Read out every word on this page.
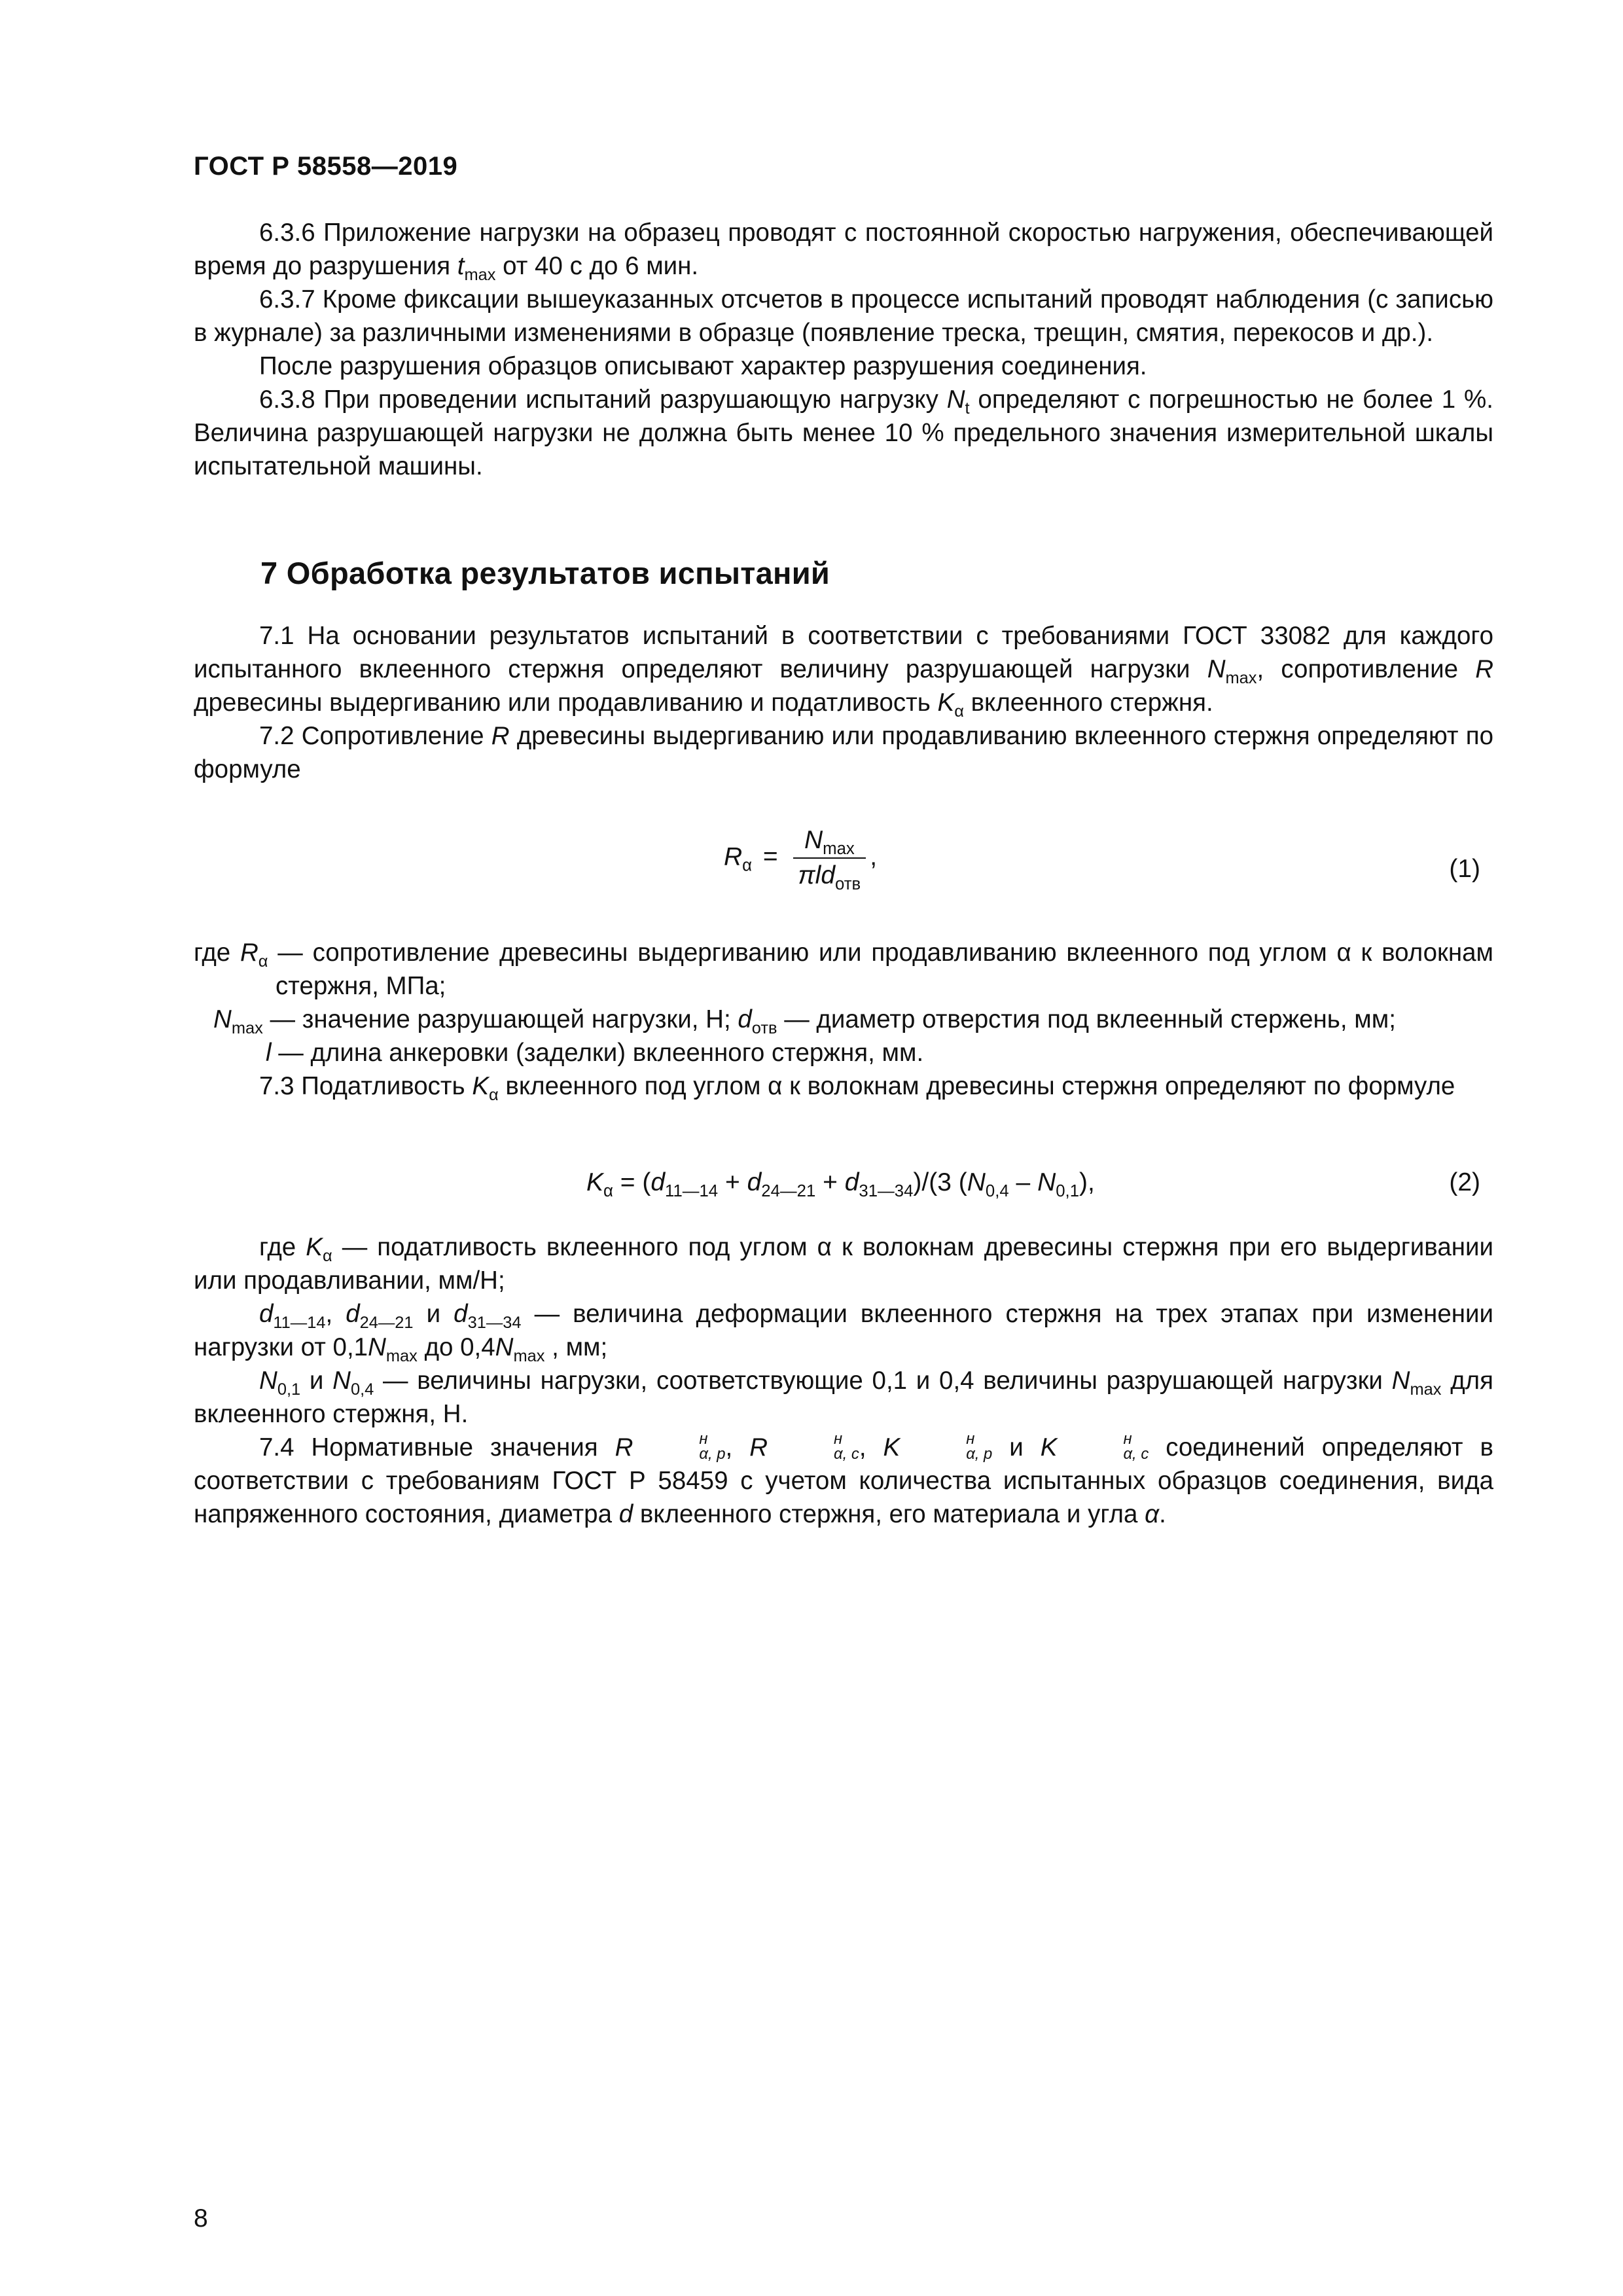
ГОСТ Р 58558—2019

6.3.6 Приложение нагрузки на образец проводят с постоянной скоростью нагружения, обеспечивающей время до разрушения $t_{max}$ от 40 с до 6 мин.

6.3.7 Кроме фиксации вышеуказанных отсчетов в процессе испытаний проводят наблюдения (с записью в журнале) за различными изменениями в образце (появление треска, трещин, смятия, перекосов и др.).

После разрушения образцов описывают характер разрушения соединения.

6.3.8 При проведении испытаний разрушающую нагрузку $N_t$ определяют с погрешностью не более 1 %. Величина разрушающей нагрузки не должна быть менее 10 % предельного значения измерительной шкалы испытательной машины.

7 Обработка результатов испытаний

7.1 На основании результатов испытаний в соответствии с требованиями ГОСТ 33082 для каждого испытанного вклеенного стержня определяют величину разрушающей нагрузки $N_{max}$, сопротивление R древесины выдергиванию или продавливанию и податливость $K_\alpha$ вклеенного стержня.

7.2 Сопротивление R древесины выдергиванию или продавливанию вклеенного стержня определяют по формуле

$R_\alpha = \frac{N_{max}}{\pi ld_{отв}}$ ,	(1)

где $R_\alpha$ — сопротивление древесины выдергиванию или продавливанию вклеенного под углом α к волокнам стержня, МПа;

$N_{max}$ — значение разрушающей нагрузки, Н; $d_{отв}$ — диаметр отверстия под вклеенный стержень, мм;

l — длина анкеровки (заделки) вклеенного стержня, мм.

7.3 Податливость $K_\alpha$ вклеенного под углом α к волокнам древесины стержня определяют по формуле

$K_\alpha = (d_{11—14} + d_{24—21} + d_{31—34})/(3$ $(N_{0,4} - N_{0,1})$,	(2)

где $K_\alpha$ — податливость вклеенного под углом α к волокнам древесины стержня при его выдергивании или продавливании, мм/Н;

$d_{11—14}$, $d_{24—21}$ и $d_{31—34}$ — величина деформации вклеенного стержня на трех этапах при изменении нагрузки от $0,1N_{max}$ до $0,4N_{max}$ , мм;

$N_{0,1}$ и $N_{0,4}$ — величины нагрузки, соответствующие 0,1 и 0,4 величины разрушающей нагрузки $N_{max}$ для вклеенного стержня, Н.

7.4 Нормативные значения R	н
α, p , R	н
α, c , K	н
α, p и K	н
α, c соединений определяют в соответствии с требованиям ГОСТ Р 58459 с учетом количества испытанных образцов соединения, вида напряженного состояния, диаметра d вклеенного стержня, его материала и угла α.

8
